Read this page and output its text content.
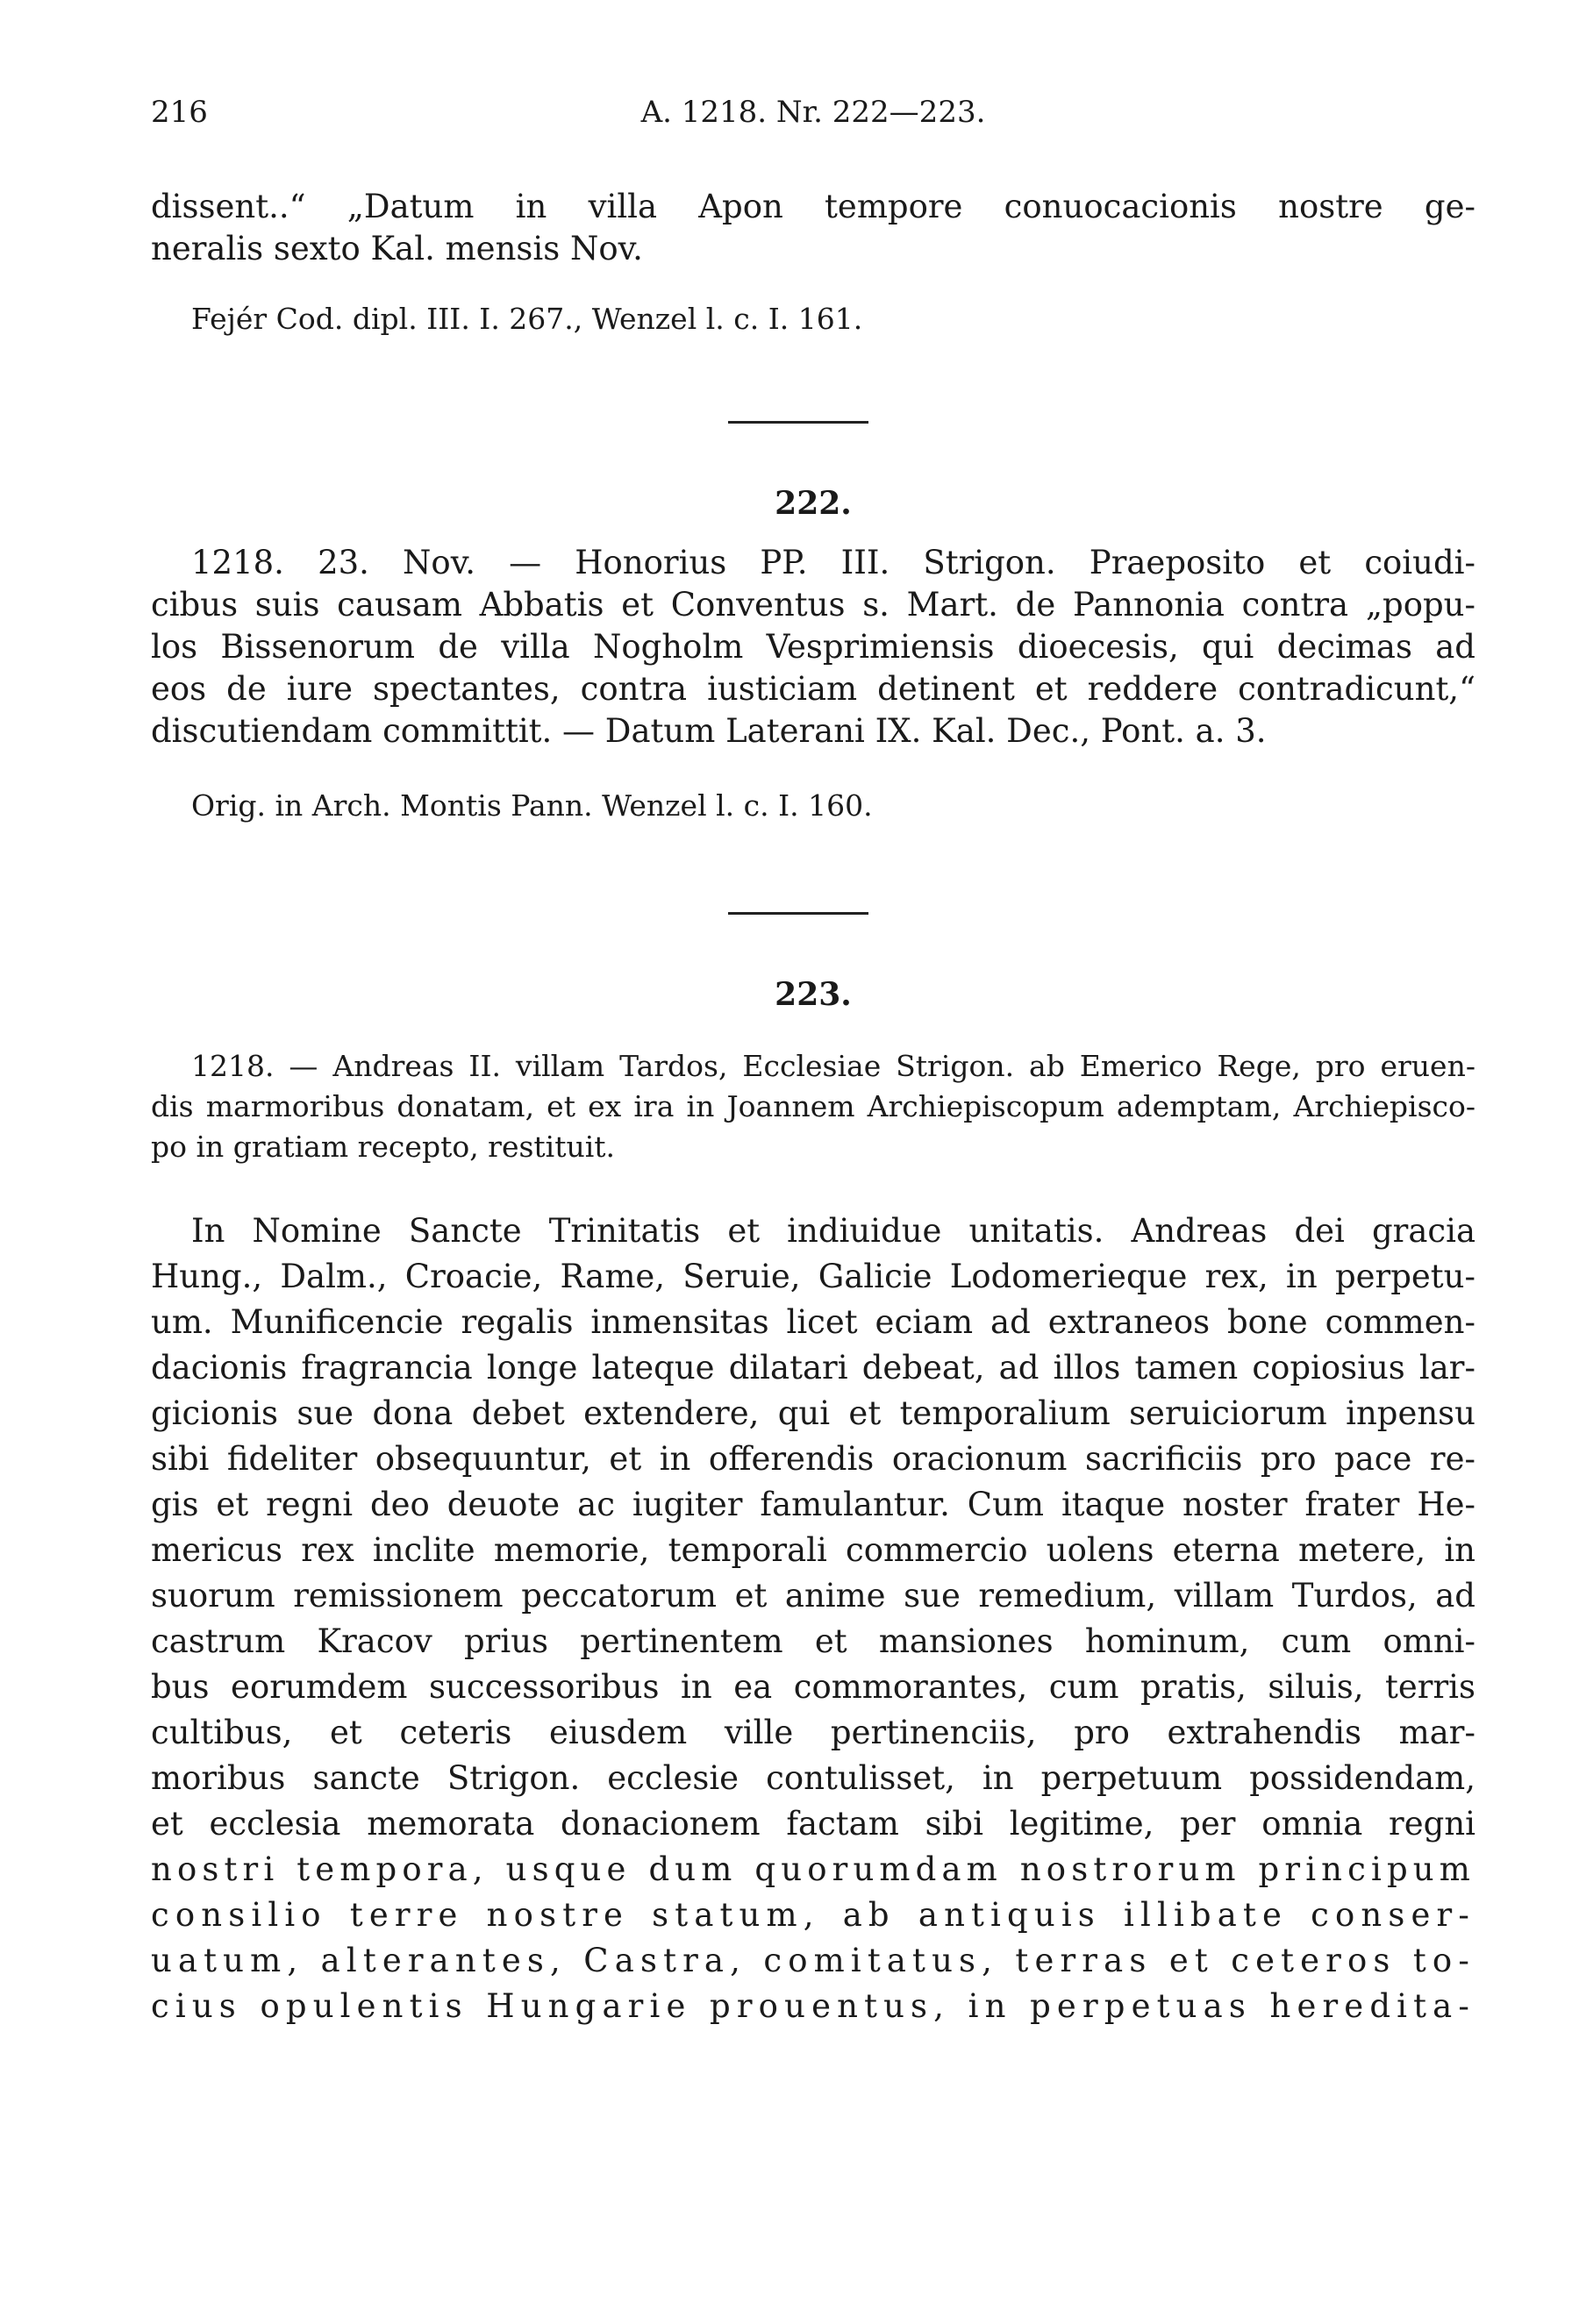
216	A. 1218. Nr. 222—223.
dissent..“ „Datum in villa Apon tempore conuocacionis nostre ge-
neralis sexto Kal. mensis Nov.
Fejér Cod. dipl. III. I. 267., Wenzel l. c. I. 161.
222.
1218. 23. Nov. — Honorius PP. III. Strigon. Praeposito et coiudi-
cibus suis causam Abbatis et Conventus s. Mart. de Pannonia contra „popu-
los Bissenorum de villa Nogholm Vesprimiensis dioecesis, qui decimas ad
eos de iure spectantes, contra iusticiam detinent et reddere contradicunt,“
discutiendam committit. — Datum Laterani IX. Kal. Dec., Pont. a. 3.
Orig. in Arch. Montis Pann. Wenzel l. c. I. 160.
223.
1218. — Andreas II. villam Tardos, Ecclesiae Strigon. ab Emerico Rege, pro eruen-
dis marmoribus donatam, et ex ira in Joannem Archiepiscopum ademptam, Archiepisco-
po in gratiam recepto, restituit.
In Nomine Sancte Trinitatis et indiuidue unitatis. Andreas dei gracia
Hung., Dalm., Croacie, Rame, Seruie, Galicie Lodomerieque rex, in perpetu-
um. Munificencie regalis inmensitas licet eciam ad extraneos bone commen-
dacionis fragrancia longe lateque dilatari debeat, ad illos tamen copiosius lar-
gicionis sue dona debet extendere, qui et temporalium seruiciorum inpensu
sibi fideliter obsequuntur, et in offerendis oracionum sacrificiis pro pace re-
gis et regni deo deuote ac iugiter famulantur. Cum itaque noster frater He-
mericus rex inclite memorie, temporali commercio uolens eterna metere, in
suorum remissionem peccatorum et anime sue remedium, villam Turdos, ad
castrum Kracov prius pertinentem et mansiones hominum, cum omni-
bus eorumdem successoribus in ea commorantes, cum pratis, siluis, terris
cultibus, et ceteris eiusdem ville pertinenciis, pro extrahendis mar-
moribus sancte Strigon. ecclesie contulisset, in perpetuum possidendam,
et ecclesia memorata donacionem factam sibi legitime, per omnia regni
nostri tempora, usque dum quorumdam nostrorum principum
consilio terre nostre statum, ab antiquis illibate conser-
uatum, alterantes, Castra, comitatus, terras et ceteros to-
cius opulentis Hungarie prouentus, in perpetuas heredita-
